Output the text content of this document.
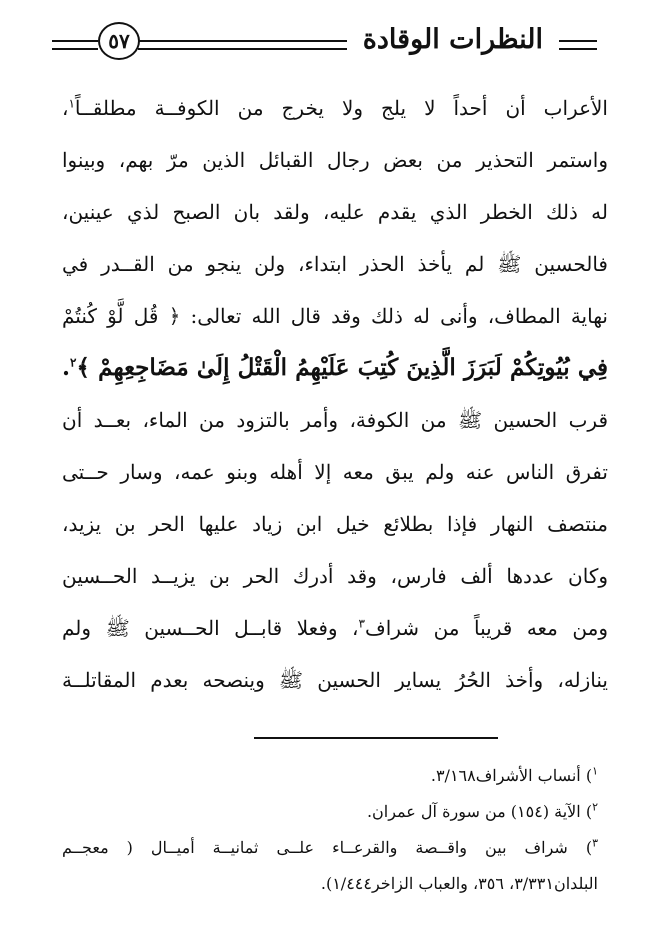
النظرات الوقادة
٥٧
الأعراب أن أحداً لا يلج ولا يخرج من الكوفــة مطلقــاً$^١$،
واستمر التحذير من بعض رجال القبائل الذين مرّ بهم، وبينوا
له ذلك الخطر الذي يقدم عليه، ولقد بان الصبح لذي عينين،
فالحسين ﷺ لم يأخذ الحذر ابتداء، ولن ينجو من القــدر في
نهاية المطاف، وأنى له ذلك وقد قال الله تعالى: ﴿ قُل لَّوْ كُنتُمْ
فِي بُيُوتِكُمْ لَبَرَزَ الَّذِينَ كُتِبَ عَلَيْهِمُ الْقَتْلُ إِلَىٰ مَضَاجِعِهِمْ ﴾$^٢$.
قرب الحسين ﷺ من الكوفة، وأمر بالتزود من الماء، بعــد أن
تفرق الناس عنه ولم يبق معه إلا أهله وبنو عمه، وسار حــتى
منتصف النهار فإذا بطلائع خيل ابن زياد عليها الحر بن يزيد،
وكان عددها ألف فارس، وقد أدرك الحر بن يزيــد الحــسين
ومن معه قريباً من شراف$^٣$، وفعلا قابــل الحــسين ﷺ ولم
ينازله، وأخذ الحُرُ يساير الحسين ﷺ وينصحه بعدم المقاتلــة
$^١$) أنساب الأشراف٣/١٦٨.
$^٢$) الآية (١٥٤) من سورة آل عمران.
$^٣$) شراف بين واقــصة والقرعــاء علــى ثمانيــة أميــال ( معجــم
البلدان٣/٣٣١، ٣٥٦، والعباب الزاخر١/٤٤٤).
